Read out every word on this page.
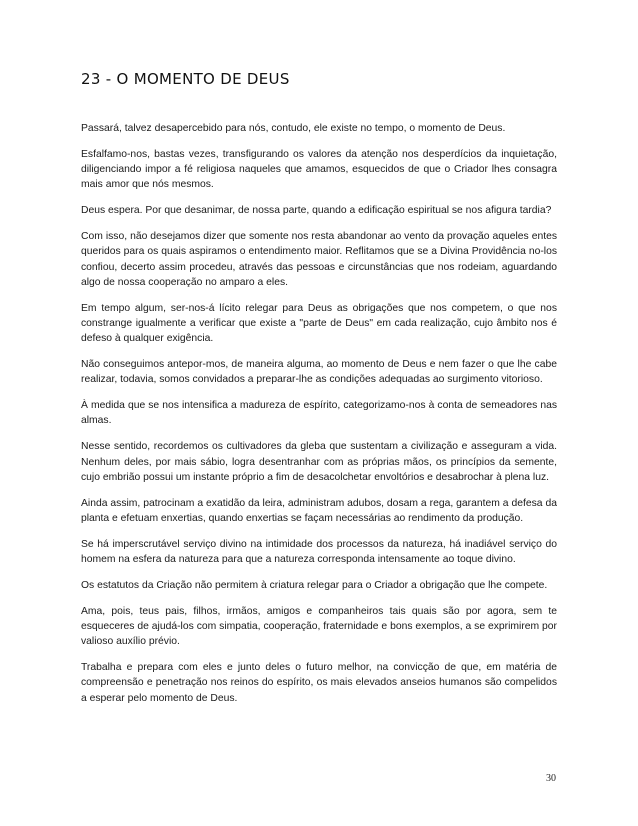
23 - O MOMENTO DE DEUS

Passará, talvez desapercebido para nós, contudo, ele existe no tempo, o momento de Deus.

Esfalfamo-nos, bastas vezes, transfigurando os valores da atenção nos desperdícios da inquietação, diligenciando impor a fé religiosa naqueles que amamos, esquecidos de que o Criador lhes consagra mais amor que nós mesmos.

Deus espera. Por que desanimar, de nossa parte, quando a edificação espiritual se nos afigura tardia?

Com isso, não desejamos dizer que somente nos resta abandonar ao vento da provação aqueles entes queridos para os quais aspiramos o entendimento maior. Reflitamos que se a Divina Providência no-los confiou, decerto assim procedeu, através das pessoas e circunstâncias que nos rodeiam, aguardando algo de nossa cooperação no amparo a eles.

Em tempo algum, ser-nos-á lícito relegar para Deus as obrigações que nos competem, o que nos constrange igualmente a verificar que existe a "parte de Deus" em cada realização, cujo âmbito nos é defeso à qualquer exigência.

Não conseguimos antepor-mos, de maneira alguma, ao momento de Deus e nem fazer o que lhe cabe realizar, todavia, somos convidados a preparar-lhe as condições adequadas ao surgimento vitorioso.

À medida que se nos intensifica a madureza de espírito, categorizamo-nos à conta de semeadores nas almas.

Nesse sentido, recordemos os cultivadores da gleba que sustentam a civilização e asseguram a vida. Nenhum deles, por mais sábio, logra desentranhar com as próprias mãos, os princípios da semente, cujo embrião possui um instante próprio a fim de desacolchetar envoltórios e desabrochar à plena luz.

Ainda assim, patrocinam a exatidão da leira, administram adubos, dosam a rega, garantem a defesa da planta e efetuam enxertias, quando enxertias se façam necessárias ao rendimento da produção.

Se há imperscrutável serviço divino na intimidade dos processos da natureza, há inadiável serviço do homem na esfera da natureza para que a natureza corresponda intensamente ao toque divino.

Os estatutos da Criação não permitem à criatura relegar para o Criador a obrigação que lhe compete.

Ama, pois, teus pais, filhos, irmãos, amigos e companheiros tais quais são por agora, sem te esqueceres de ajudá-los com simpatia, cooperação, fraternidade e bons exemplos, a se exprimirem por valioso auxílio prévio.

Trabalha e prepara com eles e junto deles o futuro melhor, na convicção de que, em matéria de compreensão e penetração nos reinos do espírito, os mais elevados anseios humanos são compelidos a esperar pelo momento de Deus.

30
